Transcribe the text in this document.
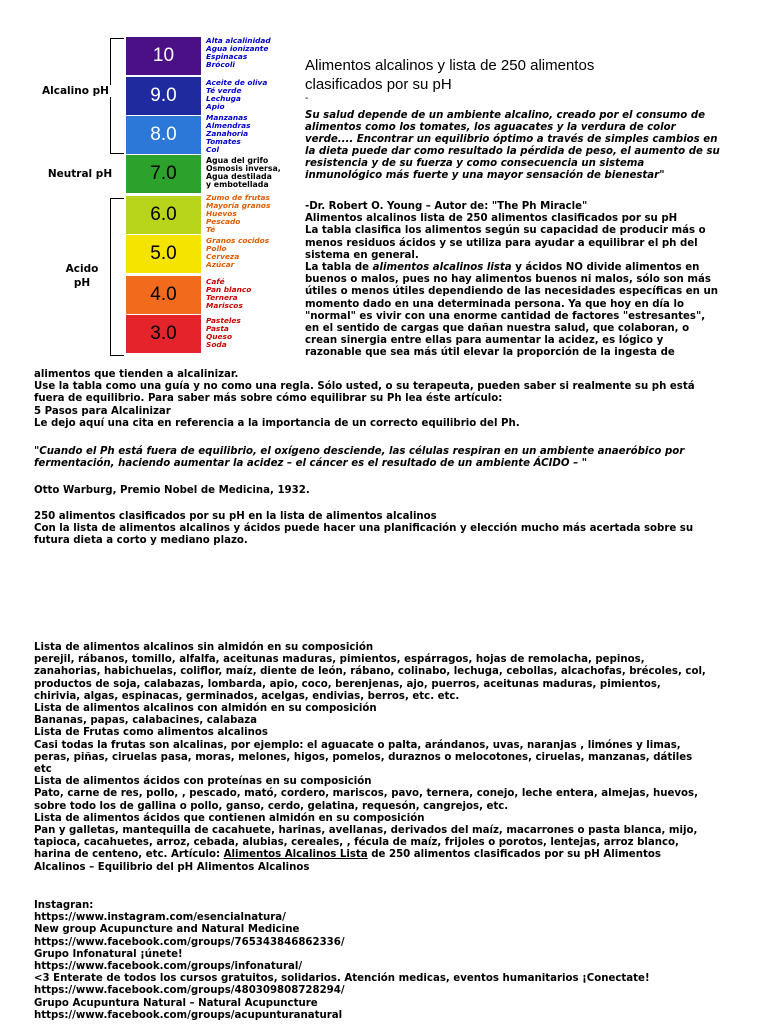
Alcalino pH
Neutral pH
Acido
pH
10
Alta alcalinidad
Agua ionizante
Espinacas
Brócoli
9.0
Aceite de oliva
Té verde
Lechuga
Apio
8.0
Manzanas
Almendras
Zanahoria
Tomates
Col
7.0
Agua del grifo
Osmosis inversa,
Agua destilada
y embotellada
6.0
Zumo de frutas
Mayoría granos
Huevos
Pescado
Té
5.0
Granos cocidos
Pollo
Cerveza
Azúcar
4.0
Café
Pan blanco
Ternera
Mariscos
3.0
Pasteles
Pasta
Queso
Soda
Alimentos alcalinos y lista de 250 alimentos
clasificados por su pH
-
Su salud depende de un ambiente alcalino, creado por el consumo de
alimentos como los tomates, los aguacates y la verdura de color
verde.... Encontrar un equilibrio óptimo a través de simples cambios en
la dieta puede dar como resultado la pérdida de peso, el aumento de su
resistencia y de su fuerza y como consecuencia un sistema
inmunológico más fuerte y una mayor sensación de bienestar"
-Dr. Robert O. Young – Autor de: "The Ph Miracle"
Alimentos alcalinos lista de 250 alimentos clasificados por su pH
La tabla clasifica los alimentos según su capacidad de producir más o
menos residuos ácidos y se utiliza para ayudar a equilibrar el ph del
sistema en general.
La tabla de alimentos alcalinos lista y ácidos NO divide alimentos en
buenos o malos, pues no hay alimentos buenos ni malos, sólo son más
útiles o menos útiles dependiendo de las necesidades específicas en un
momento dado en una determinada persona. Ya que hoy en día lo
"normal" es vivir con una enorme cantidad de factores "estresantes",
en el sentido de cargas que dañan nuestra salud, que colaboran, o
crean sinergia entre ellas para aumentar la acidez, es lógico y
razonable que sea más útil elevar la proporción de la ingesta de
alimentos que tienden a alcalinizar.
Use la tabla como una guía y no como una regla. Sólo usted, o su terapeuta, pueden saber si realmente su ph está
fuera de equilibrio. Para saber más sobre cómo equilibrar su Ph lea éste artículo:
5 Pasos para Alcalinizar
Le dejo aquí una cita en referencia a la importancia de un correcto equilibrio del Ph.
"Cuando el Ph está fuera de equilibrio, el oxígeno desciende, las células respiran en un ambiente anaeróbico por
fermentación, haciendo aumentar la acidez – el cáncer es el resultado de un ambiente ÁCIDO – "
Otto Warburg, Premio Nobel de Medicina, 1932.
250 alimentos clasificados por su pH en la lista de alimentos alcalinos
Con la lista de alimentos alcalinos y ácidos puede hacer una planificación y elección mucho más acertada sobre su
futura dieta a corto y mediano plazo.
Lista de alimentos alcalinos sin almidón en su composición
perejil, rábanos, tomillo, alfalfa, aceitunas maduras, pimientos, espárragos, hojas de remolacha, pepinos,
zanahorias, habichuelas, coliflor, maíz, diente de león, rábano, colinabo, lechuga, cebollas, alcachofas, brécoles, col,
productos de soja, calabazas, lombarda, apio, coco, berenjenas, ajo, puerros, aceitunas maduras, pimientos,
chirivia, algas, espinacas, germinados, acelgas, endivias, berros, etc. etc.
Lista de alimentos alcalinos con almidón en su composición
Bananas, papas, calabacines, calabaza
Lista de Frutas como alimentos alcalinos
Casi todas la frutas son alcalinas, por ejemplo: el aguacate o palta, arándanos, uvas, naranjas , limónes y limas,
peras, piñas, ciruelas pasa, moras, melones, higos, pomelos, duraznos o melocotones, ciruelas, manzanas, dátiles
etc
Lista de alimentos ácidos con proteínas en su composición
Pato, carne de res, pollo, , pescado, mató, cordero, mariscos, pavo, ternera, conejo, leche entera, almejas, huevos,
sobre todo los de gallina o pollo, ganso, cerdo, gelatina, requesón, cangrejos, etc.
Lista de alimentos ácidos que contienen almidón en su composición
Pan y galletas, mantequilla de cacahuete, harinas, avellanas, derivados del maíz, macarrones o pasta blanca, mijo,
tapioca, cacahuetes, arroz, cebada, alubias, cereales, , fécula de maíz, frijoles o porotos, lentejas, arroz blanco,
harina de centeno, etc. Artículo: Alimentos Alcalinos Lista de 250 alimentos clasificados por su pH Alimentos
Alcalinos – Equilibrio del pH Alimentos Alcalinos
Instagran:
https://www.instagram.com/esencialnatura/
New group Acupuncture and Natural Medicine
https://www.facebook.com/groups/765343846862336/
Grupo Infonatural ¡únete!
https://www.facebook.com/groups/infonatural/
<3 Enterate de todos los cursos gratuitos, solidarios. Atención medicas, eventos humanitarios ¡Conectate!
https://www.facebook.com/groups/480309808728294/
Grupo Acupuntura Natural – Natural Acupuncture
https://www.facebook.com/groups/acupunturanatural
